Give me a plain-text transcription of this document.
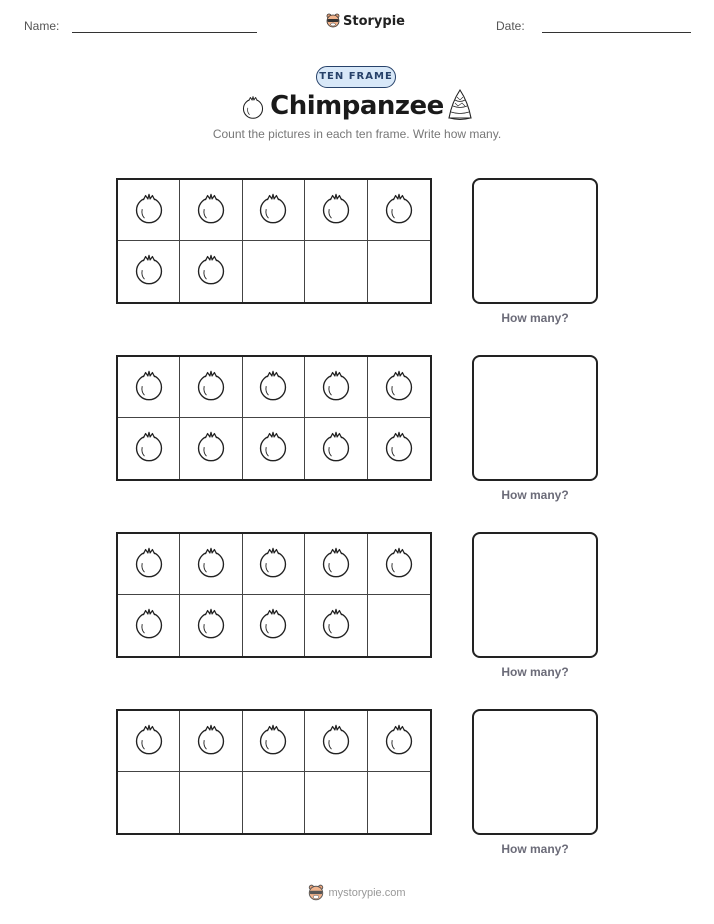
Name:	Storypie	Date:
TEN FRAME
Chimpanzee
Count the pictures in each ten frame. Write how many.
How many?
How many?
How many?
How many?
mystorypie.com
